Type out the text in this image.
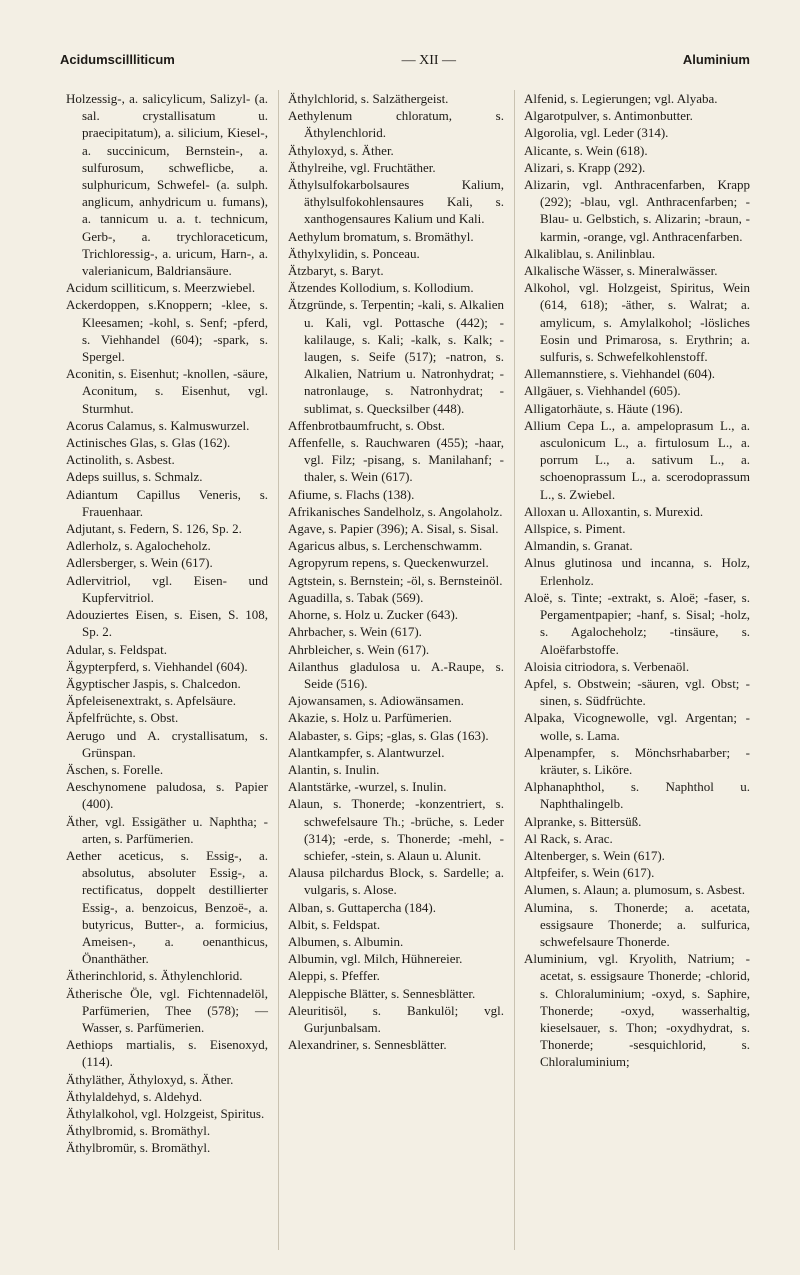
Acidumscillliticum	— XII —	Aluminium

Holzessig-, a. salicylicum, Salizyl- (a. sal. crystallisatum u. praecipitatum), a. silicium, Kiesel-, a. succinicum, Bernstein-, a. sulfurosum, schweflicbe, a. sulphuricum, Schwefel- (a. sulph. anglicum, anhydricum u. fumans), a. tannicum u. a. t. technicum, Gerb-, a. trychloraceticum, Trichloressig-, a. uricum, Harn-, a. valerianicum, Baldriansäure.

Acidum scilliticum, s. Meerzwiebel.

Ackerdoppen, s.Knoppern; -klee, s. Kleesamen; -kohl, s. Senf; -pferd, s. Viehhandel (604); -spark, s. Spergel.

Aconitin, s. Eisenhut; -knollen, -säure, Aconitum, s. Eisenhut, vgl. Sturmhut.

Acorus Calamus, s. Kalmuswurzel.

Actinisches Glas, s. Glas (162).

Actinolith, s. Asbest.

Adeps suillus, s. Schmalz.

Adiantum Capillus Veneris, s. Frauenhaar.

Adjutant, s. Federn, S. 126, Sp. 2.

Adlerholz, s. Agalocheholz.

Adlersberger, s. Wein (617).

Adlervitriol, vgl. Eisen- und Kupfervitriol.

Adouziertes Eisen, s. Eisen, S. 108, Sp. 2.

Adular, s. Feldspat.

Ägypterpferd, s. Viehhandel (604).

Ägyptischer Jaspis, s. Chalcedon.

Äpfeleisenextrakt, s. Apfelsäure.

Äpfelfrüchte, s. Obst.

Aerugo und A. crystallisatum, s. Grünspan.

Äschen, s. Forelle.

Aeschynomene paludosa, s. Papier (400).

Äther, vgl. Essigäther u. Naphtha; -arten, s. Parfümerien.

Aether aceticus, s. Essig-, a. absolutus, absoluter Essig-, a. rectificatus, doppelt destillierter Essig-, a. benzoicus, Benzoë-, a. butyricus, Butter-, a. formicius, Ameisen-, a. oenanthicus, Önanthäther.

Ätherinchlorid, s. Äthylenchlorid.

Ätherische Öle, vgl. Fichtennadelöl, Parfümerien, Thee (578); — Wasser, s. Parfümerien.

Aethiops martialis, s. Eisenoxyd, (114).

Äthyläther, Äthyloxyd, s. Äther.

Äthylaldehyd, s. Aldehyd.

Äthylalkohol, vgl. Holzgeist, Spiritus.

Äthylbromid, s. Bromäthyl.

Äthylbromür, s. Bromäthyl.

Äthylchlorid, s. Salzäthergeist.

Aethylenum chloratum, s. Äthylenchlorid.

Äthyloxyd, s. Äther.

Äthylreihe, vgl. Fruchtäther.

Äthylsulfokarbolsaures Kalium, äthylsulfokohlensaures Kali, s. xanthogensaures Kalium und Kali.

Aethylum bromatum, s. Bromäthyl.

Äthylxylidin, s. Ponceau.

Ätzbaryt, s. Baryt.

Ätzendes Kollodium, s. Kollodium.

Ätzgründe, s. Terpentin; -kali, s. Alkalien u. Kali, vgl. Pottasche (442); -kalilauge, s. Kali; -kalk, s. Kalk; -laugen, s. Seife (517); -natron, s. Alkalien, Natrium u. Natronhydrat; -natronlauge, s. Natronhydrat; -sublimat, s. Quecksilber (448).

Affenbrotbaumfrucht, s. Obst.

Affenfelle, s. Rauchwaren (455); -haar, vgl. Filz; -pisang, s. Manilahanf; -thaler, s. Wein (617).

Afiume, s. Flachs (138).

Afrikanisches Sandelholz, s. Angolaholz.

Agave, s. Papier (396); A. Sisal, s. Sisal.

Agaricus albus, s. Lerchenschwamm.

Agropyrum repens, s. Queckenwurzel.

Agtstein, s. Bernstein; -öl, s. Bernsteinöl.

Aguadilla, s. Tabak (569).

Ahorne, s. Holz u. Zucker (643).

Ahrbacher, s. Wein (617).

Ahrbleicher, s. Wein (617).

Ailanthus gladulosa u. A.-Raupe, s. Seide (516).

Ajowansamen, s. Adiowänsamen.

Akazie, s. Holz u. Parfümerien.

Alabaster, s. Gips; -glas, s. Glas (163).

Alantkampfer, s. Alantwurzel.

Alantin, s. Inulin.

Alantstärke, -wurzel, s. Inulin.

Alaun, s. Thonerde; -konzentriert, s. schwefelsaure Th.; -brüche, s. Leder (314); -erde, s. Thonerde; -mehl, -schiefer, -stein, s. Alaun u. Alunit.

Alausa pilchardus Block, s. Sardelle; a. vulgaris, s. Alose.

Alban, s. Guttapercha (184).

Albit, s. Feldspat.

Albumen, s. Albumin.

Albumin, vgl. Milch, Hühnereier.

Aleppi, s. Pfeffer.

Aleppische Blätter, s. Sennesblätter.

Aleuritisöl, s. Bankulöl; vgl. Gurjunbalsam.

Alexandriner, s. Sennesblätter.

Alfenid, s. Legierungen; vgl. Alyaba.

Algarotpulver, s. Antimonbutter.

Algorolia, vgl. Leder (314).

Alicante, s. Wein (618).

Alizari, s. Krapp (292).

Alizarin, vgl. Anthracenfarben, Krapp (292); -blau, vgl. Anthracenfarben; -Blau- u. Gelbstich, s. Alizarin; -braun, -karmin, -orange, vgl. Anthracenfarben.

Alkaliblau, s. Anilinblau.

Alkalische Wässer, s. Mineralwässer.

Alkohol, vgl. Holzgeist, Spiritus, Wein (614, 618); -äther, s. Walrat; a. amylicum, s. Amylalkohol; -lösliches Eosin und Primarosa, s. Erythrin; a. sulfuris, s. Schwefelkohlenstoff.

Allemannstiere, s. Viehhandel (604).

Allgäuer, s. Viehhandel (605).

Alligatorhäute, s. Häute (196).

Allium Cepa L., a. ampeloprasum L., a. asculonicum L., a. firtulosum L., a. porrum L., a. sativum L., a. schoenoprassum L., a. scerodoprassum L., s. Zwiebel.

Alloxan u. Alloxantin, s. Murexid.

Allspice, s. Piment.

Almandin, s. Granat.

Alnus glutinosa und incanna, s. Holz, Erlenholz.

Aloë, s. Tinte; -extrakt, s. Aloë; -faser, s. Pergamentpapier; -hanf, s. Sisal; -holz, s. Agalocheholz; -tinsäure, s. Aloëfarbstoffe.

Aloisia citriodora, s. Verbenaöl.

Apfel, s. Obstwein; -säuren, vgl. Obst; -sinen, s. Südfrüchte.

Alpaka, Vicognewolle, vgl. Argentan; -wolle, s. Lama.

Alpenampfer, s. Mönchsrhabarber; -kräuter, s. Liköre.

Alphanaphthol, s. Naphthol u. Naphthalingelb.

Alpranke, s. Bittersüß.

Al Rack, s. Arac.

Altenberger, s. Wein (617).

Altpfeifer, s. Wein (617).

Alumen, s. Alaun; a. plumosum, s. Asbest.

Alumina, s. Thonerde; a. acetata, essigsaure Thonerde; a. sulfurica, schwefelsaure Thonerde.

Aluminium, vgl. Kryolith, Natrium; -acetat, s. essigsaure Thonerde; -chlorid, s. Chloraluminium; -oxyd, s. Saphire, Thonerde; -oxyd, wasserhaltig, kieselsauer, s. Thon; -oxydhydrat, s. Thonerde; -sesquichlorid, s. Chloraluminium;
